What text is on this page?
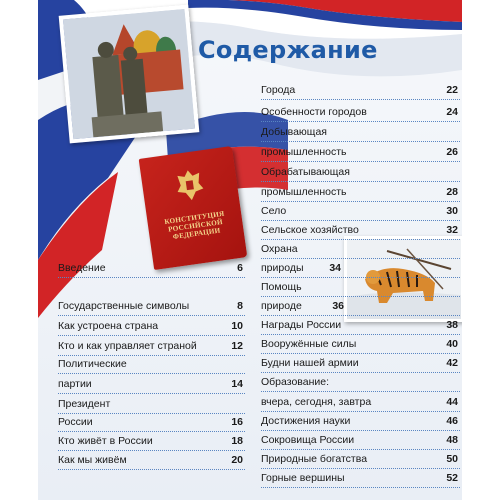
КОНСТИТУЦИЯ РОССИЙСКОЙ ФЕДЕРАЦИИ
Содержание
Введение	6
Государственные символы	8
Как устроена страна	10
Кто и как управляет страной	12
Политические
партии	14
Президент
России	16
Кто живёт в России	18
Как мы живём	20
Города	22
Особенности городов	24
Добывающая
промышленность	26
Обрабатывающая
промышленность	28
Село	30
Сельское хозяйство	32
Охрана
природы	34
Помощь
природе	36
Награды России	38
Вооружённые силы	40
Будни нашей армии	42
Образование:
вчера, сегодня, завтра	44
Достижения науки	46
Сокровища России	48
Природные богатства	50
Горные вершины	52
